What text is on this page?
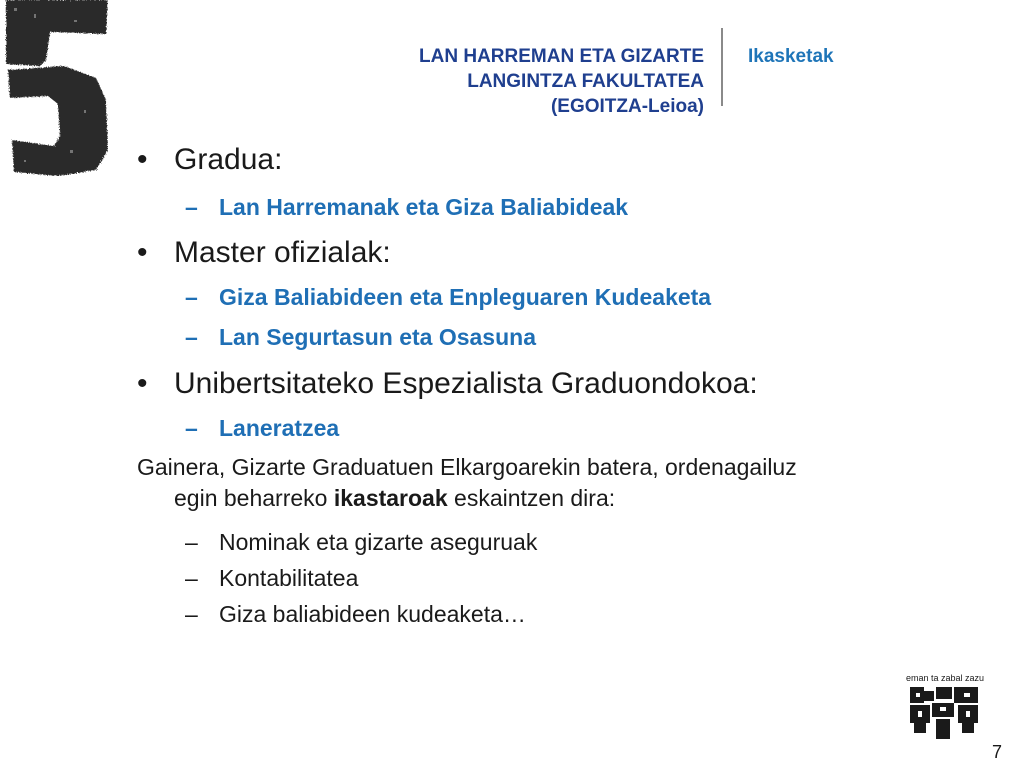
LAN HARREMAN ETA GIZARTE
LANGINTZA FAKULTATEA
(EGOITZA-Leioa)
Ikasketak
• Gradua:
– Lan Harremanak eta Giza Baliabideak
• Master ofizialak:
– Giza Baliabideen eta Enpleguaren Kudeaketa
– Lan Segurtasun eta Osasuna
• Unibertsitateko Espezialista Graduondokoa:
– Laneratzea
Gainera, Gizarte Graduatuen Elkargoarekin batera, ordenagailuz
egin beharreko ikastaroak eskaintzen dira:
– Nominak eta gizarte aseguruak
– Kontabilitatea
– Giza baliabideen kudeaketa…
eman ta zabal zazu
7
